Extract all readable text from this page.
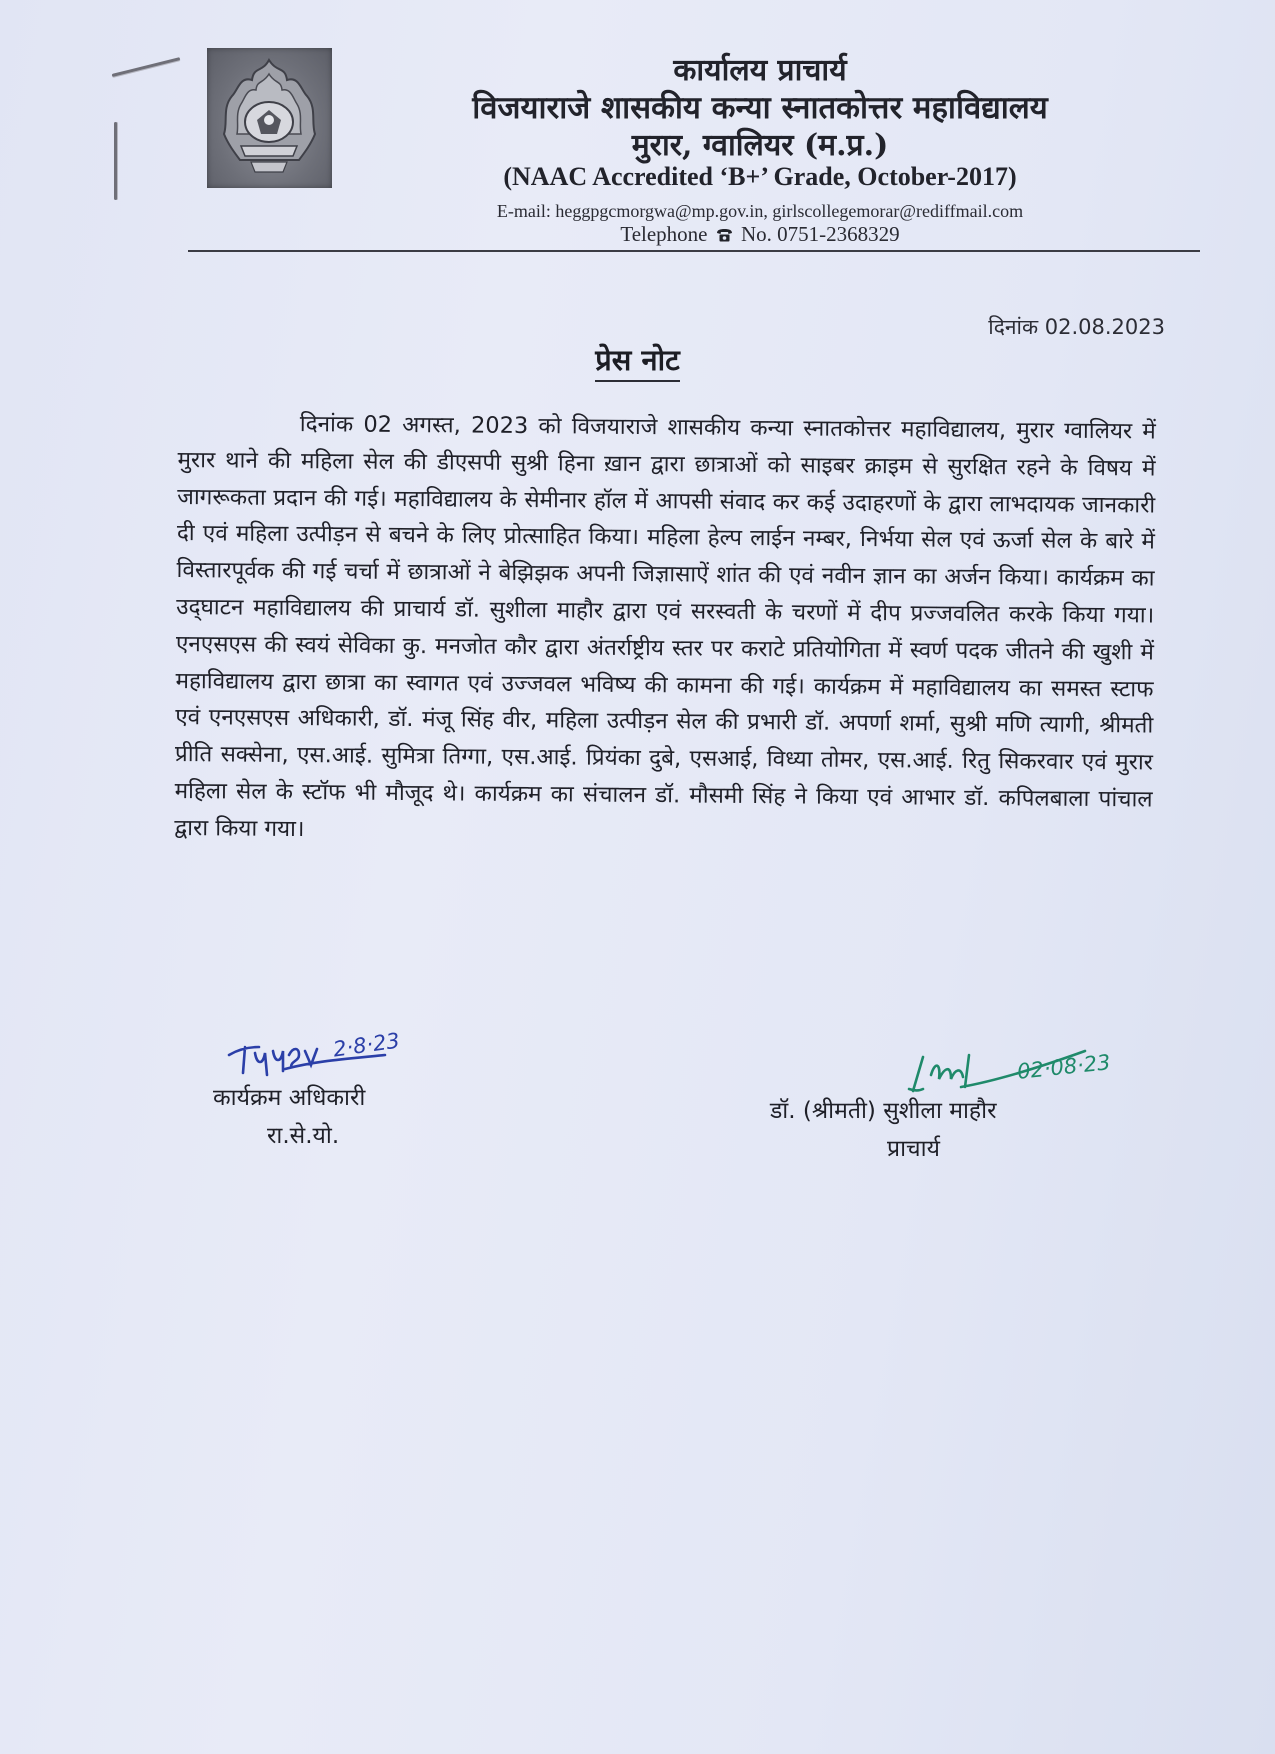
कार्यालय प्राचार्य
विजयाराजे शासकीय कन्या स्नातकोत्तर महाविद्यालय
मुरार, ग्वालियर (म.प्र.)
(NAAC Accredited ‘B+’ Grade, October-2017)
E-mail: heggpgcmorgwa@mp.gov.in, girlscollegemorar@rediffmail.com
Telephone No. 0751-2368329
दिनांक 02.08.2023
प्रेस नोट
दिनांक 02 अगस्त, 2023 को विजयाराजे शासकीय कन्या स्नातकोत्तर महाविद्यालय, मुरार ग्वालियर में मुरार थाने की महिला सेल की डीएसपी सुश्री हिना ख़ान द्वारा छात्राओं को साइबर क्राइम से सुरक्षित रहने के विषय में जागरूकता प्रदान की गई। महाविद्यालय के सेमीनार हॉल में आपसी संवाद कर कई उदाहरणों के द्वारा लाभदायक जानकारी दी एवं महिला उत्पीड़न से बचने के लिए प्रोत्साहित किया। महिला हेल्प लाईन नम्बर, निर्भया सेल एवं ऊर्जा सेल के बारे में विस्तारपूर्वक की गई चर्चा में छात्राओं ने बेझिझक अपनी जिज्ञासाऐं शांत की एवं नवीन ज्ञान का अर्जन किया। कार्यक्रम का उद्‌घाटन महाविद्यालय की प्राचार्य डॉ. सुशीला माहौर द्वारा एवं सरस्वती के चरणों में दीप प्रज्जवलित करके किया गया। एनएसएस की स्वयं सेविका कु. मनजोत कौर द्वारा अंतर्राष्ट्रीय स्तर पर कराटे प्रतियोगिता में स्वर्ण पदक जीतने की खुशी में महाविद्यालय द्वारा छात्रा का स्वागत एवं उज्जवल भविष्य की कामना की गई। कार्यक्रम में महाविद्यालय का समस्त स्टाफ एवं एनएसएस अधिकारी, डॉ. मंजू सिंह वीर, महिला उत्पीड़न सेल की प्रभारी डॉ. अपर्णा शर्मा, सुश्री मणि त्यागी, श्रीमती प्रीति सक्सेना, एस.आई. सुमित्रा तिग्गा, एस.आई. प्रियंका दुबे, एसआई, विध्या तोमर, एस.आई. रितु सिकरवार एवं मुरार महिला सेल के स्टॉफ भी मौजूद थे। कार्यक्रम का संचालन डॉ. मौसमी सिंह ने किया एवं आभार डॉ. कपिलबाला पांचाल द्वारा किया गया।
2·8·23
कार्यक्रम अधिकारी
रा.से.यो.
02·08·23
डॉ. (श्रीमती) सुशीला माहौर
प्राचार्य
